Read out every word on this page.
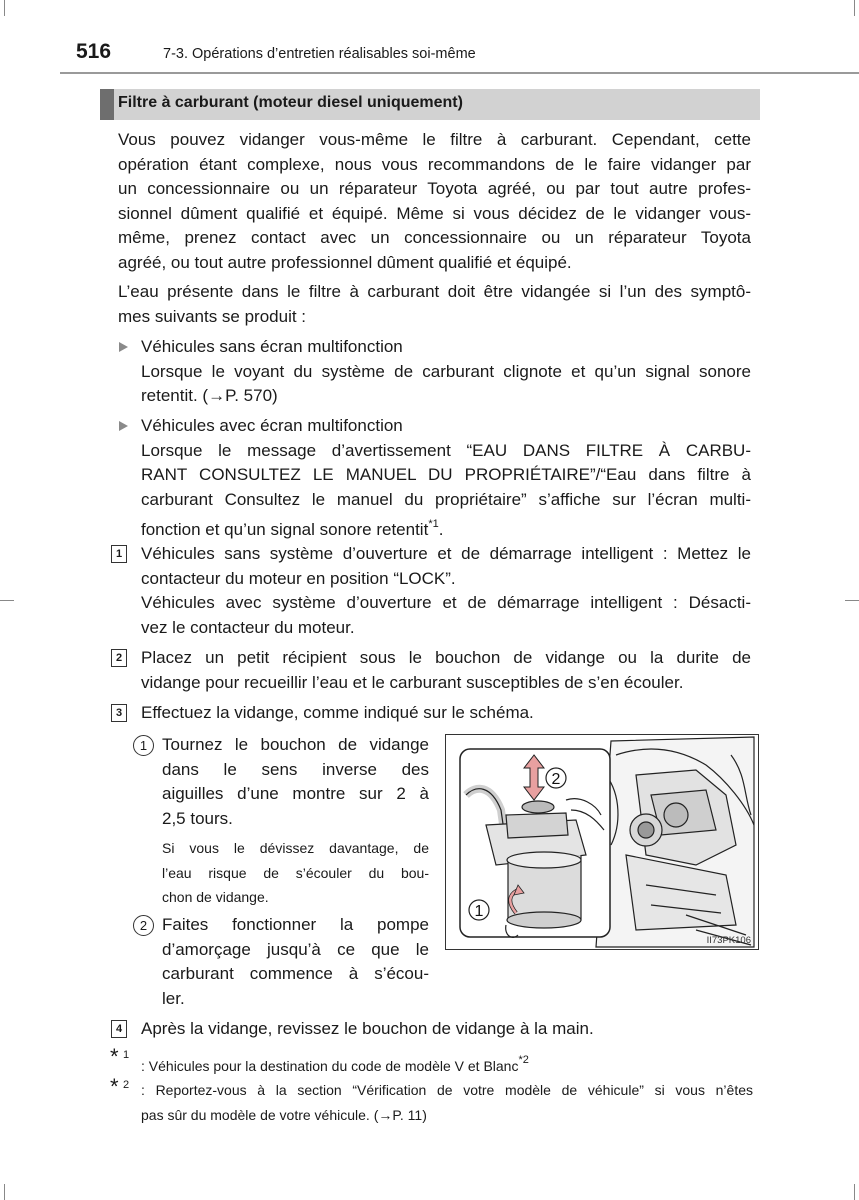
516	7-3. Opérations d’entretien réalisables soi-même
Filtre à carburant (moteur diesel uniquement)
Vous pouvez vidanger vous-même le filtre à carburant. Cependant, cette
opération étant complexe, nous vous recommandons de le faire vidanger par
un concessionnaire ou un réparateur Toyota agréé, ou par tout autre profes-
sionnel dûment qualifié et équipé. Même si vous décidez de le vidanger vous-
même, prenez contact avec un concessionnaire ou un réparateur Toyota
agréé, ou tout autre professionnel dûment qualifié et équipé.
L’eau présente dans le filtre à carburant doit être vidangée si l’un des symptô-
mes suivants se produit :
Véhicules sans écran multifonction
Lorsque le voyant du système de carburant clignote et qu’un signal sonore
retentit. (→P. 570)
Véhicules avec écran multifonction
Lorsque le message d’avertissement “EAU DANS FILTRE À CARBU-
RANT CONSULTEZ LE MANUEL DU PROPRIÉTAIRE”/“Eau dans filtre à
carburant Consultez le manuel du propriétaire” s’affiche sur l’écran multi-
fonction et qu’un signal sonore retentit$^{*1}$.
1 Véhicules sans système d’ouverture et de démarrage intelligent : Mettez le
contacteur du moteur en position “LOCK”.
Véhicules avec système d’ouverture et de démarrage intelligent : Désacti-
vez le contacteur du moteur.
2 Placez un petit récipient sous le bouchon de vidange ou la durite de
vidange pour recueillir l’eau et le carburant susceptibles de s’en écouler.
3 Effectuez la vidange, comme indiqué sur le schéma.
1 Tournez le bouchon de vidange
dans le sens inverse des
aiguilles d’une montre sur 2 à
2,5 tours.
Si vous le dévissez davantage, de
l’eau risque de s’écouler du bou-
chon de vidange.
2 Faites fonctionner la pompe
d’amorçage jusqu’à ce que le
carburant commence à s’écou-
ler.
2
1
II73PK106
4 Après la vidange, revissez le bouchon de vidange à la main.
* 1
: Véhicules pour la destination du code de modèle V et Blanc$^{*2}$
* 2 : Reportez-vous à la section “Vérification de votre modèle de véhicule” si vous n’êtes
pas sûr du modèle de votre véhicule. (→P. 11)
